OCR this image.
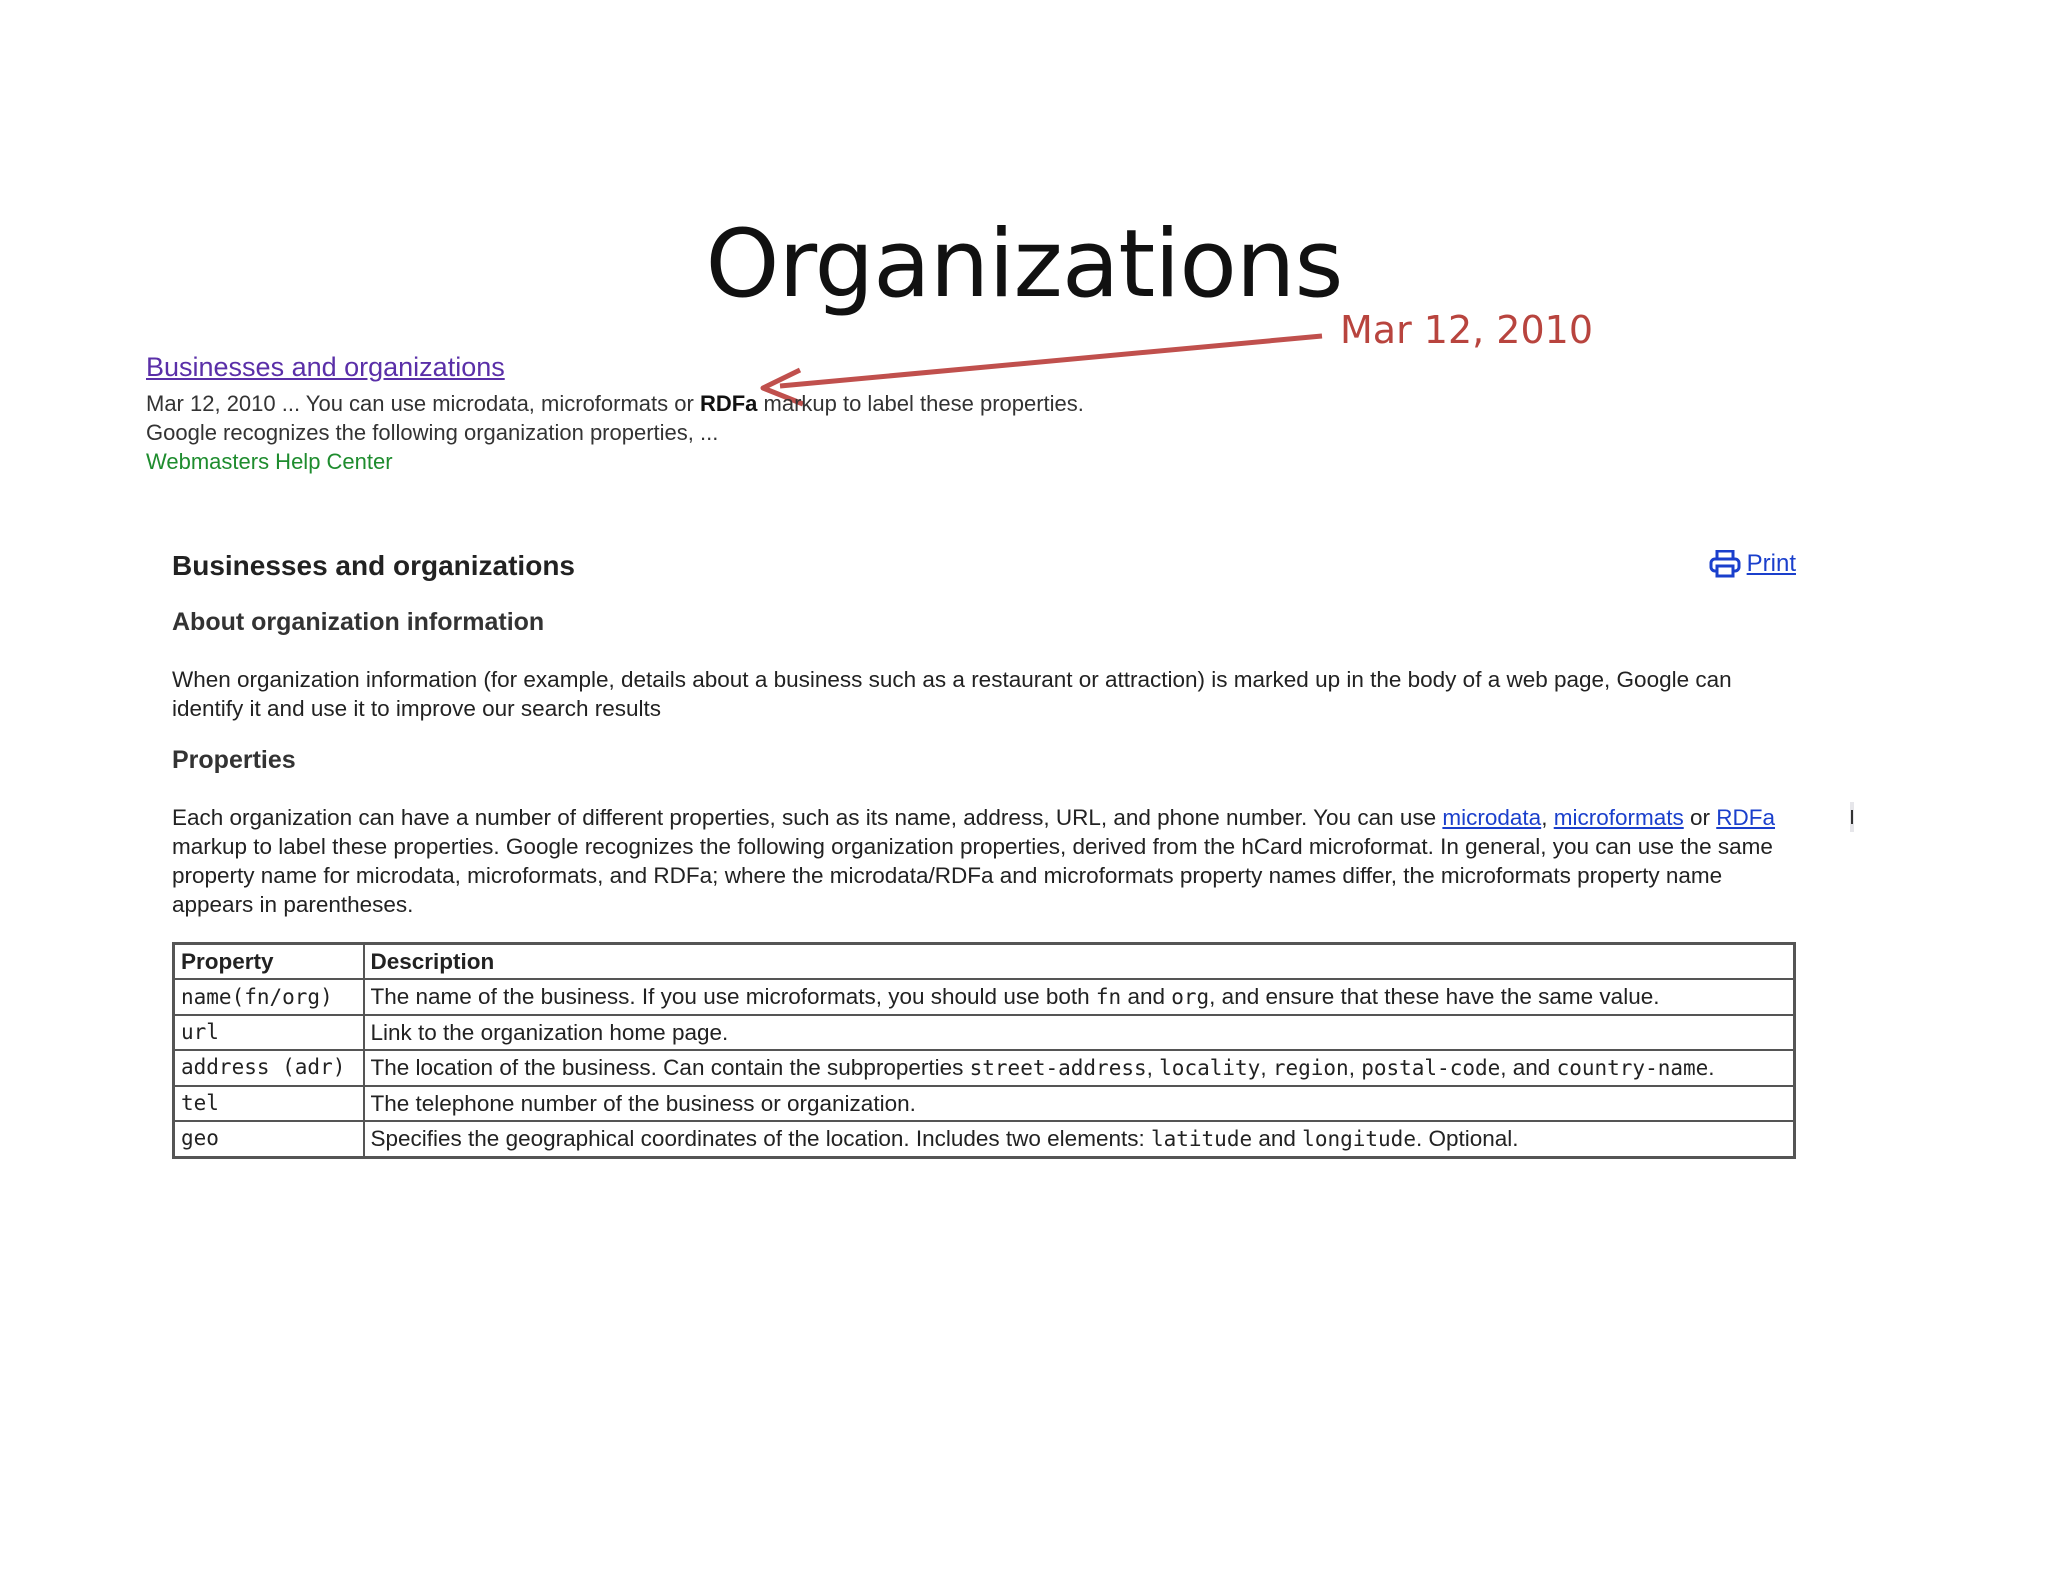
Organizations
Mar 12, 2010
Businesses and organizations
Mar 12, 2010 ... You can use microdata, microformats or RDFa markup to label these properties.
Google recognizes the following organization properties, ...
Webmasters Help Center
Businesses and organizations	Print
About organization information
When organization information (for example, details about a business such as a restaurant or attraction) is marked up in the body of a web page, Google can identify it and use it to improve our search results
Properties
Each organization can have a number of different properties, such as its name, address, URL, and phone number. You can use microdata, microformats or RDFa markup to label these properties. Google recognizes the following organization properties, derived from the hCard microformat. In general, you can use the same property name for microdata, microformats, and RDFa; where the microdata/RDFa and microformats property names differ, the microformats property name appears in parentheses.
Property	Description
name(fn/org)	The name of the business. If you use microformats, you should use both fn and org, and ensure that these have the same value.
url	Link to the organization home page.
address (adr)	The location of the business. Can contain the subproperties street-address, locality, region, postal-code, and country-name.
tel	The telephone number of the business or organization.
geo	Specifies the geographical coordinates of the location. Includes two elements: latitude and longitude. Optional.
